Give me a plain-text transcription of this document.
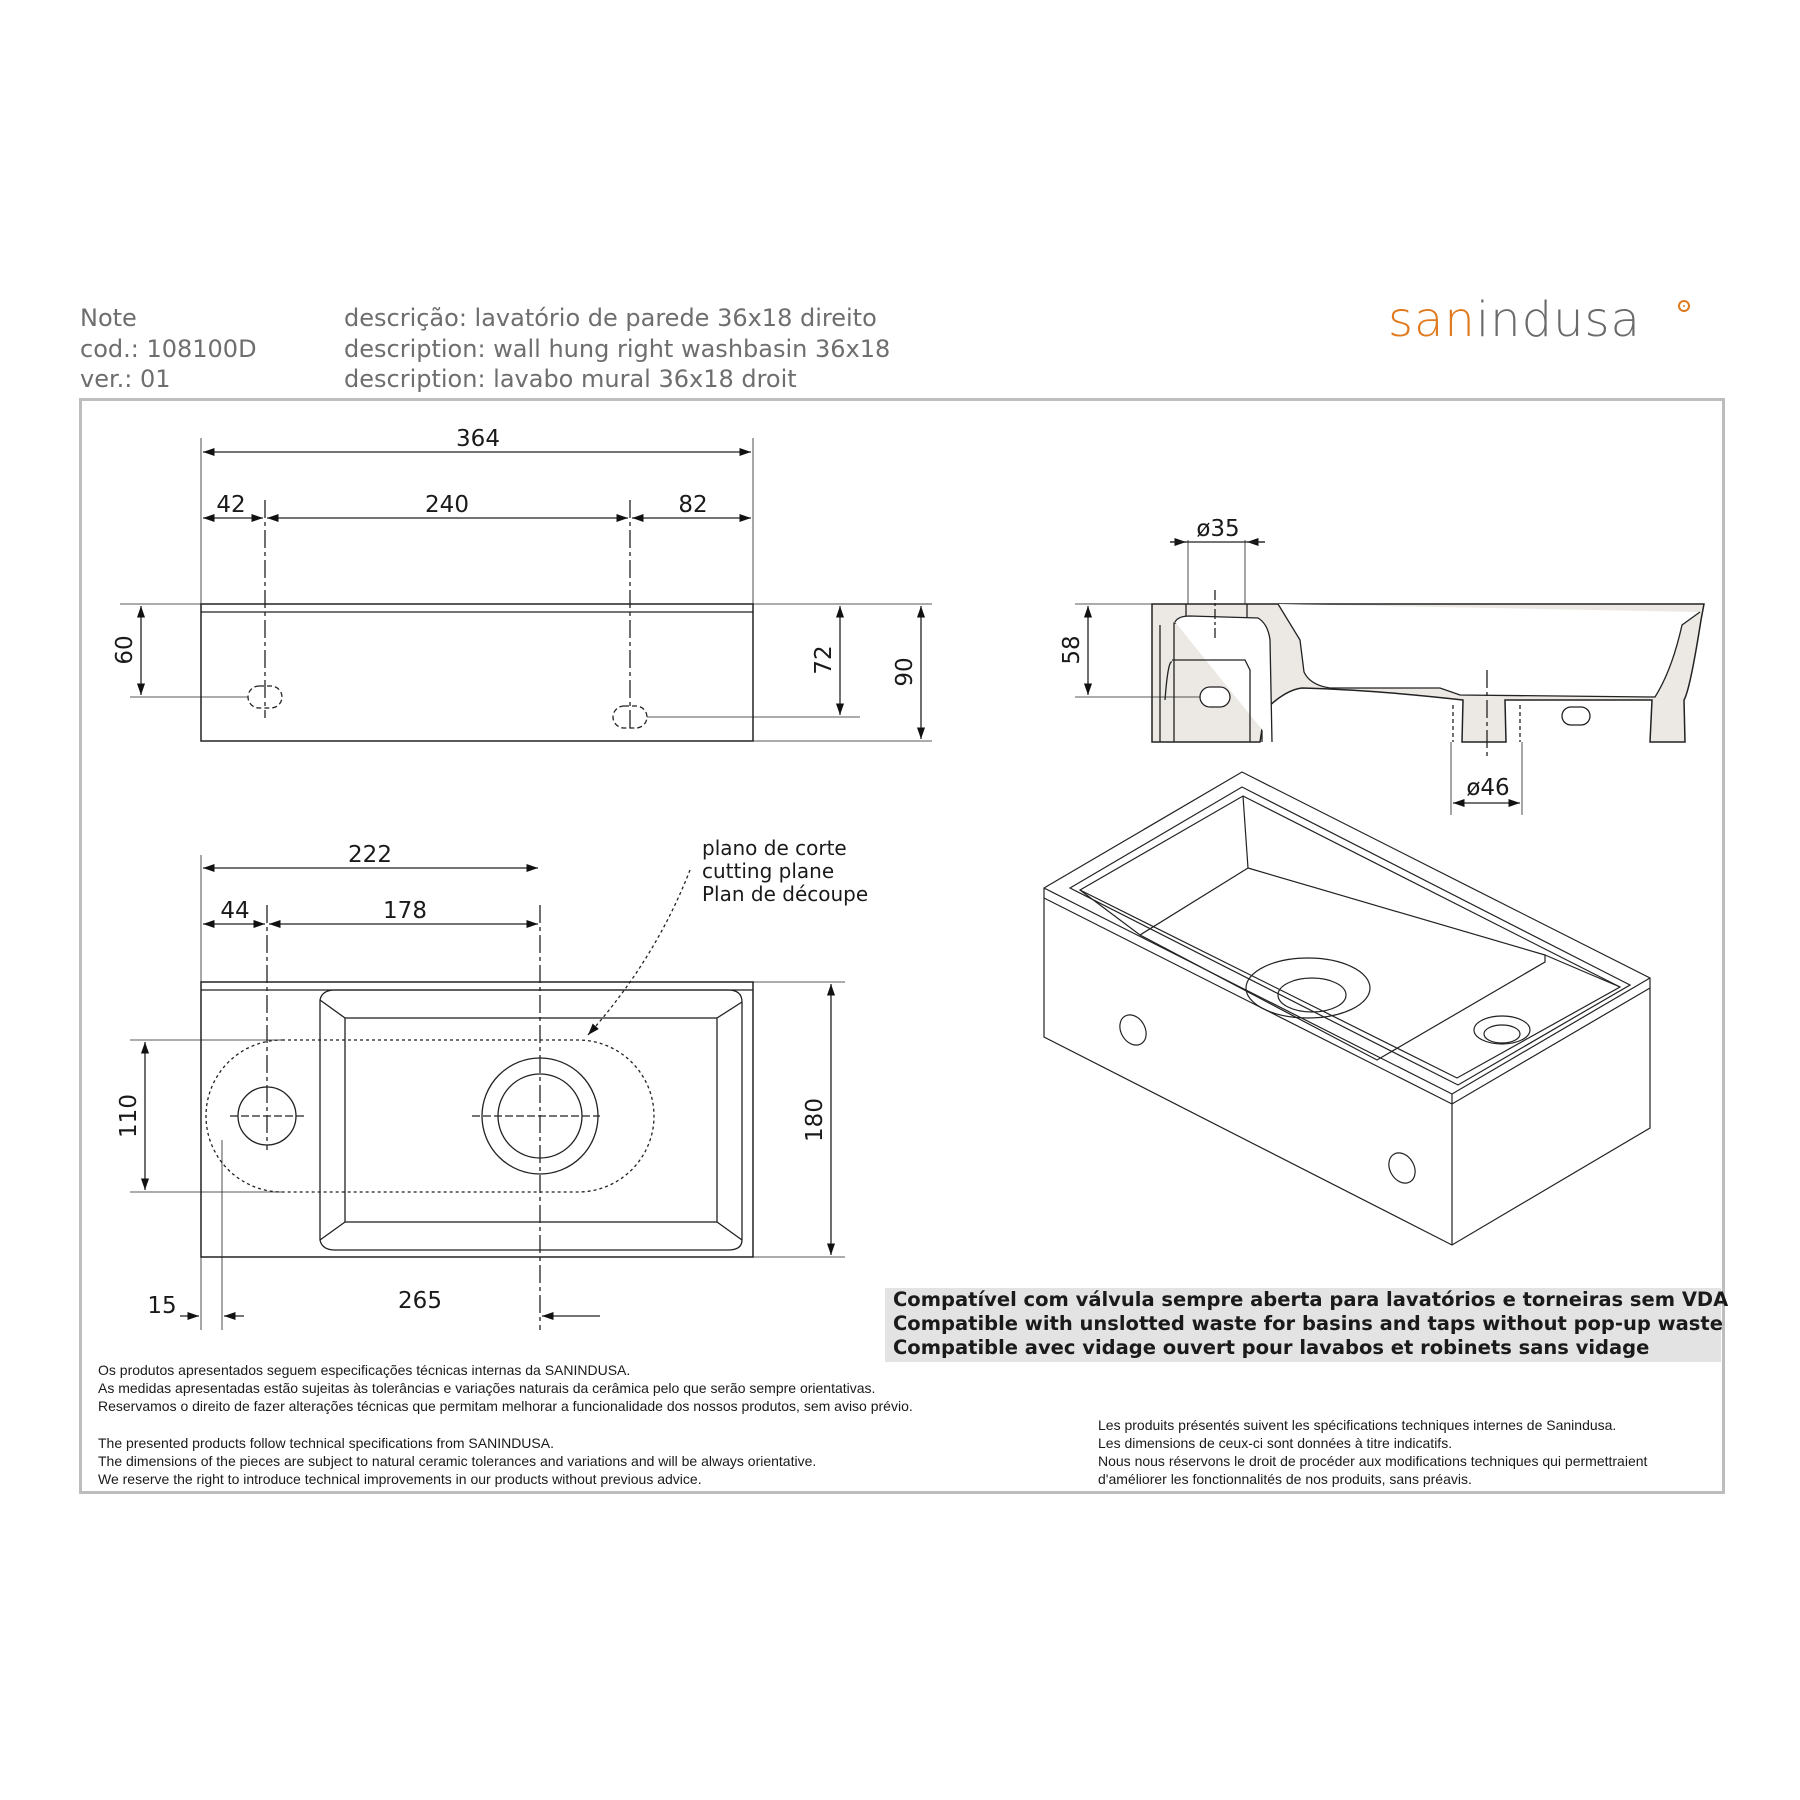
Note
cod.: 108100D
ver.: 01
descrição: lavatório de parede 36x18 direito
description: wall hung right washbasin 36x18
description: lavabo mural 36x18 droit
sanindusa
364
42	240	82
60	72 90
ø35
58
ø46
222
44	178
110	180
15	265
plano de corte
cutting plane
Plan de découpe
Compatível com válvula sempre aberta para lavatórios e torneiras sem VDA
Compatible with unslotted waste for basins and taps without pop-up waste
Compatible avec vidage ouvert pour lavabos et robinets sans vidage
Os produtos apresentados seguem especificações técnicas internas da SANINDUSA.
As medidas apresentadas estão sujeitas às tolerâncias e variações naturais da cerâmica pelo que serão sempre orientativas.
Reservamos o direito de fazer alterações técnicas que permitam melhorar a funcionalidade dos nossos produtos, sem aviso prévio.
The presented products follow technical specifications from SANINDUSA.
The dimensions of the pieces are subject to natural ceramic tolerances and variations and will be always orientative.
We reserve the right to introduce technical improvements in our products without previous advice.
Les produits présentés suivent les spécifications techniques internes de Sanindusa.
Les dimensions de ceux-ci sont données à titre indicatifs.
Nous nous réservons le droit de procéder aux modifications techniques qui permettraient
d'améliorer les fonctionnalités de nos produits, sans préavis.
